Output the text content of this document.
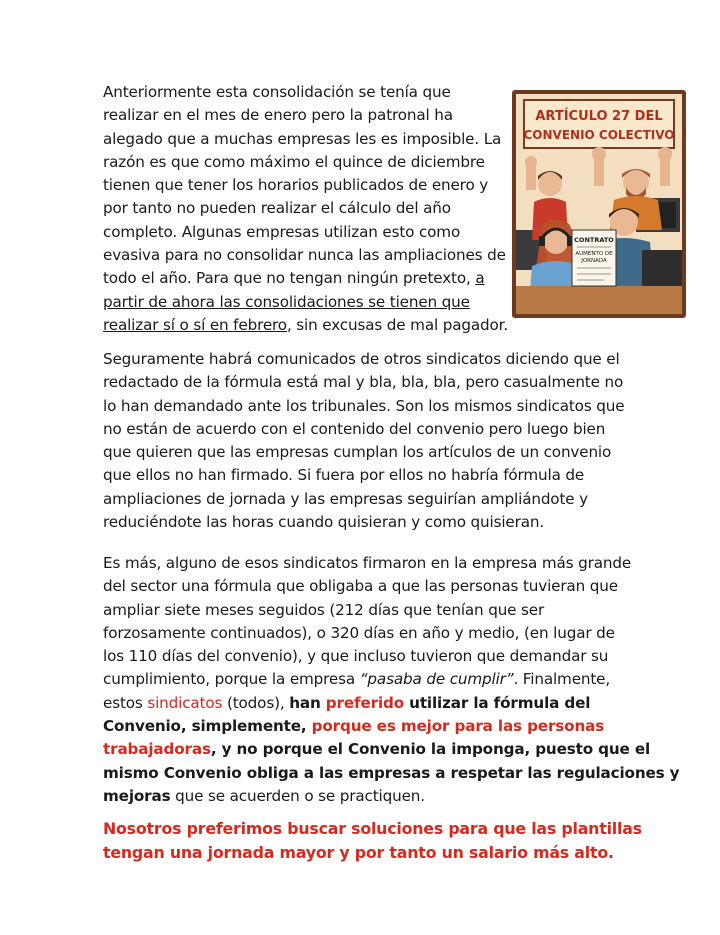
Anteriormente esta consolidación se tenía que
realizar en el mes de enero pero la patronal ha
alegado que a muchas empresas les es imposible. La
razón es que como máximo el quince de diciembre
tienen que tener los horarios publicados de enero y
por tanto no pueden realizar el cálculo del año
completo. Algunas empresas utilizan esto como
evasiva para no consolidar nunca las ampliaciones de
todo el año. Para que no tengan ningún pretexto, a
partir de ahora las consolidaciones se tienen que
realizar sí o sí en febrero, sin excusas de mal pagador.
ARTÍCULO 27 DEL
CONVENIO COLECTIVO
CONTRATO
AUMENTO DE
JORNADA
Seguramente habrá comunicados de otros sindicatos diciendo que el
redactado de la fórmula está mal y bla, bla, bla, pero casualmente no
lo han demandado ante los tribunales. Son los mismos sindicatos que
no están de acuerdo con el contenido del convenio pero luego bien
que quieren que las empresas cumplan los artículos de un convenio
que ellos no han firmado. Si fuera por ellos no habría fórmula de
ampliaciones de jornada y las empresas seguirían ampliándote y
reduciéndote las horas cuando quisieran y como quisieran.
Es más, alguno de esos sindicatos firmaron en la empresa más grande
del sector una fórmula que obligaba a que las personas tuvieran que
ampliar siete meses seguidos (212 días que tenían que ser
forzosamente continuados), o 320 días en año y medio, (en lugar de
los 110 días del convenio), y que incluso tuvieron que demandar su
cumplimiento, porque la empresa “pasaba de cumplir”. Finalmente,
estos sindicatos (todos), han preferido utilizar la fórmula del
Convenio, simplemente, porque es mejor para las personas
trabajadoras, y no porque el Convenio la imponga, puesto que el
mismo Convenio obliga a las empresas a respetar las regulaciones y
mejoras que se acuerden o se practiquen.
Nosotros preferimos buscar soluciones para que las plantillas
tengan una jornada mayor y por tanto un salario más alto.
